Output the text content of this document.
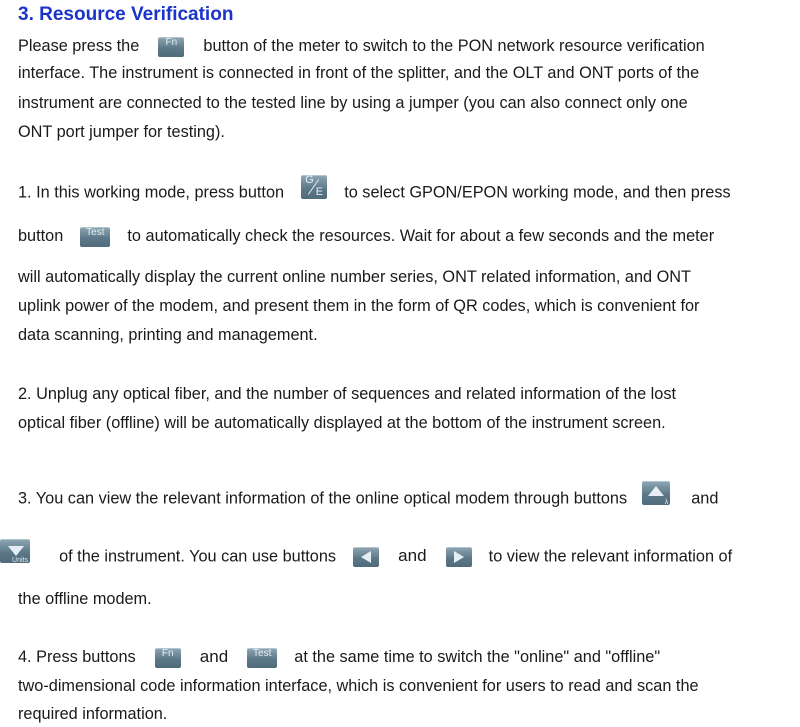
3. Resource Verification
Please press the	Fn button of the meter to switch to the PON network resource verification
interface. The instrument is connected in front of the splitter, and the OLT and ONT ports of the
instrument are connected to the tested line by using a jumper (you can also connect only one
ONT port jumper for testing).
1. In this working mode, press button
G
E to select GPON/EPON working mode, and then press
button Test to automatically check the resources. Wait for about a few seconds and the meter
will automatically display the current online number series, ONT related information, and ONT
uplink power of the modem, and present them in the form of QR codes, which is convenient for
data scanning, printing and management.
2. Unplug any optical fiber, and the number of sequences and related information of the lost
optical fiber (offline) will be automatically displayed at the bottom of the instrument screen.
3. You can view the relevant information of the online optical modem through buttons	λ and
Units of the instrument. You can use buttons	and	to view the relevant information of
the offline modem.
4. Press buttons	Fn and Test at the same time to switch the "online" and "offline"
two-dimensional code information interface, which is convenient for users to read and scan the
required information.
